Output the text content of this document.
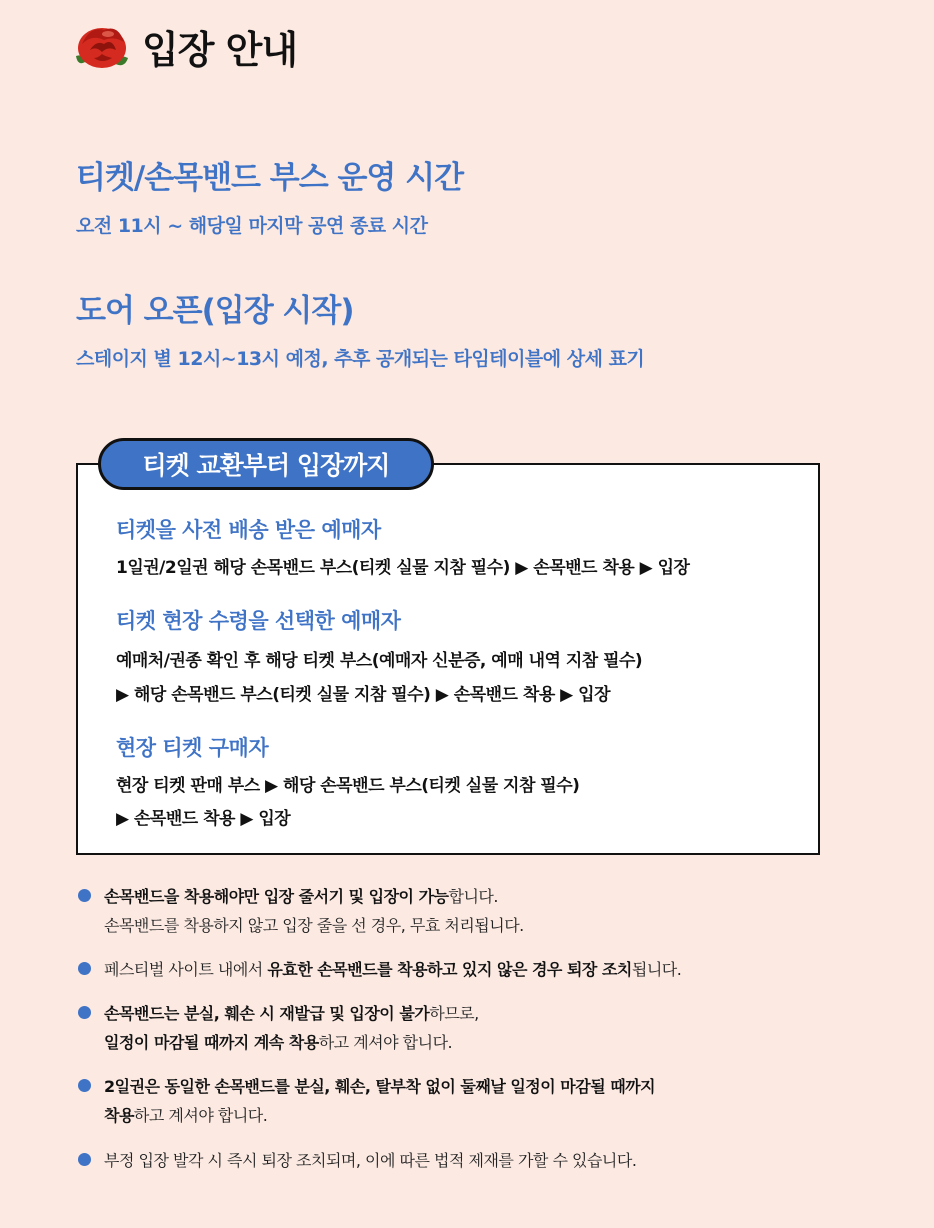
입장 안내
티켓/손목밴드 부스 운영 시간
오전 11시 ~ 해당일 마지막 공연 종료 시간
도어 오픈(입장 시작)
스테이지 별 12시~13시 예정, 추후 공개되는 타임테이블에 상세 표기
티켓 교환부터 입장까지
티켓을 사전 배송 받은 예매자
1일권/2일권 해당 손목밴드 부스(티켓 실물 지참 필수) ▶ 손목밴드 착용 ▶ 입장
티켓 현장 수령을 선택한 예매자
예매처/권종 확인 후 해당 티켓 부스(예매자 신분증, 예매 내역 지참 필수)
▶ 해당 손목밴드 부스(티켓 실물 지참 필수) ▶ 손목밴드 착용 ▶ 입장
현장 티켓 구매자
현장 티켓 판매 부스 ▶ 해당 손목밴드 부스(티켓 실물 지참 필수)
▶ 손목밴드 착용 ▶ 입장
손목밴드을 착용해야만 입장 줄서기 및 입장이 가능합니다.
손목밴드를 착용하지 않고 입장 줄을 선 경우, 무효 처리됩니다.
페스티벌 사이트 내에서 유효한 손목밴드를 착용하고 있지 않은 경우 퇴장 조치됩니다.
손목밴드는 분실, 훼손 시 재발급 및 입장이 불가하므로,
일정이 마감될 때까지 계속 착용하고 계셔야 합니다.
2일권은 동일한 손목밴드를 분실, 훼손, 탈부착 없이 둘째날 일정이 마감될 때까지
착용하고 계셔야 합니다.
부정 입장 발각 시 즉시 퇴장 조치되며, 이에 따른 법적 제재를 가할 수 있습니다.
